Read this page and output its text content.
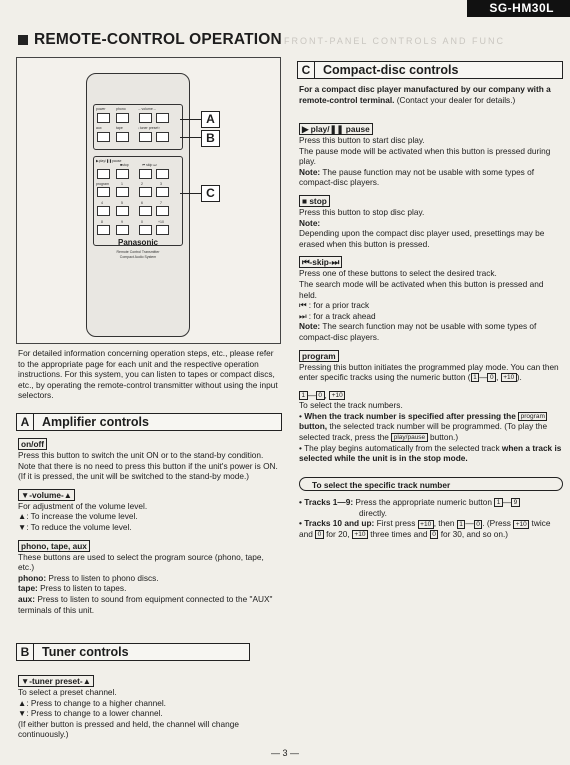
SG-HM30L
FRONT-PANEL CONTROLS AND FUNC
REMOTE-CONTROL OPERATION
power	phono	←volume→
aux	tape	↓tuner preset↑
▶play/❚❚pause
■stop	⏮ skip ⏭
program	1	2	3
4	5	6	7
8	9	0	+10
Panasonic
Remote Control Transmitter
Compact Audio System
A
B
C

For detailed information concerning operation steps, etc., please refer to the appropriate page for each unit and the respective operation instructions. For this system, you can listen to tapes or compact discs, etc., by operating the remote-control transmitter without using the input selectors.

A	Amplifier controls
on/off

Press this button to switch the unit ON or to the stand-by condition.

Note that there is no need to press this button if the unit's power is ON. (If it is pressed, the unit will be switched to the stand-by mode.)

▼-volume-▲

For adjustment of the volume level.

▲: To increase the volume level.

▼: To reduce the volume level.

phono, tape, aux

These buttons are used to select the program source (phono, tape, etc.)

phono: Press to listen to phono discs.

tape: Press to listen to tapes.

aux: Press to listen to sound from equipment connected to the "AUX" terminals of this unit.

B	Tuner controls
▼-tuner preset-▲

To select a preset channel.

▲: Press to change to a higher channel.

▼: Press to change to a lower channel.

(If either button is pressed and held, the channel will change continuously.)

C	Compact-disc controls

For a compact disc player manufactured by our company with a remote-control terminal. (Contact your dealer for details.)

▶ play/❚❚ pause

Press this button to start disc play.

The pause mode will be activated when this button is pressed during play.

Note: The pause function may not be usable with some types of compact-disc players.

■ stop

Press this button to stop disc play.

Note:

Depending upon the compact disc player used, presettings may be erased when this button is pressed.

⏮-skip-⏭

Press one of these buttons to select the desired track.

The search mode will be activated when this button is pressed and held.

⏮ : for a prior track

⏭ : for a track ahead

Note: The search function may not be usable with some types of compact-disc players.

program

Pressing this button initiates the programmed play mode. You can then enter specific tracks using the numeric button ( 1 — 0 , +10 ).

1 — 0 , +10

To select the track numbers.

• When the track number is specified after pressing the program button, the selected track number will be programmed. (To play the selected track, press the play/pause button.)

• The play begins automatically from the selected track when a track is selected while the unit is in the stop mode.

To select the specific track number

• Tracks 1—9: Press the appropriate numeric button 1 — 9

directly.

• Tracks 10 and up: First press +10 , then 1 — 0 . (Press +10 twice and 0 for 20, +10 three times and 0 for 30, and so on.)

— 3 —
